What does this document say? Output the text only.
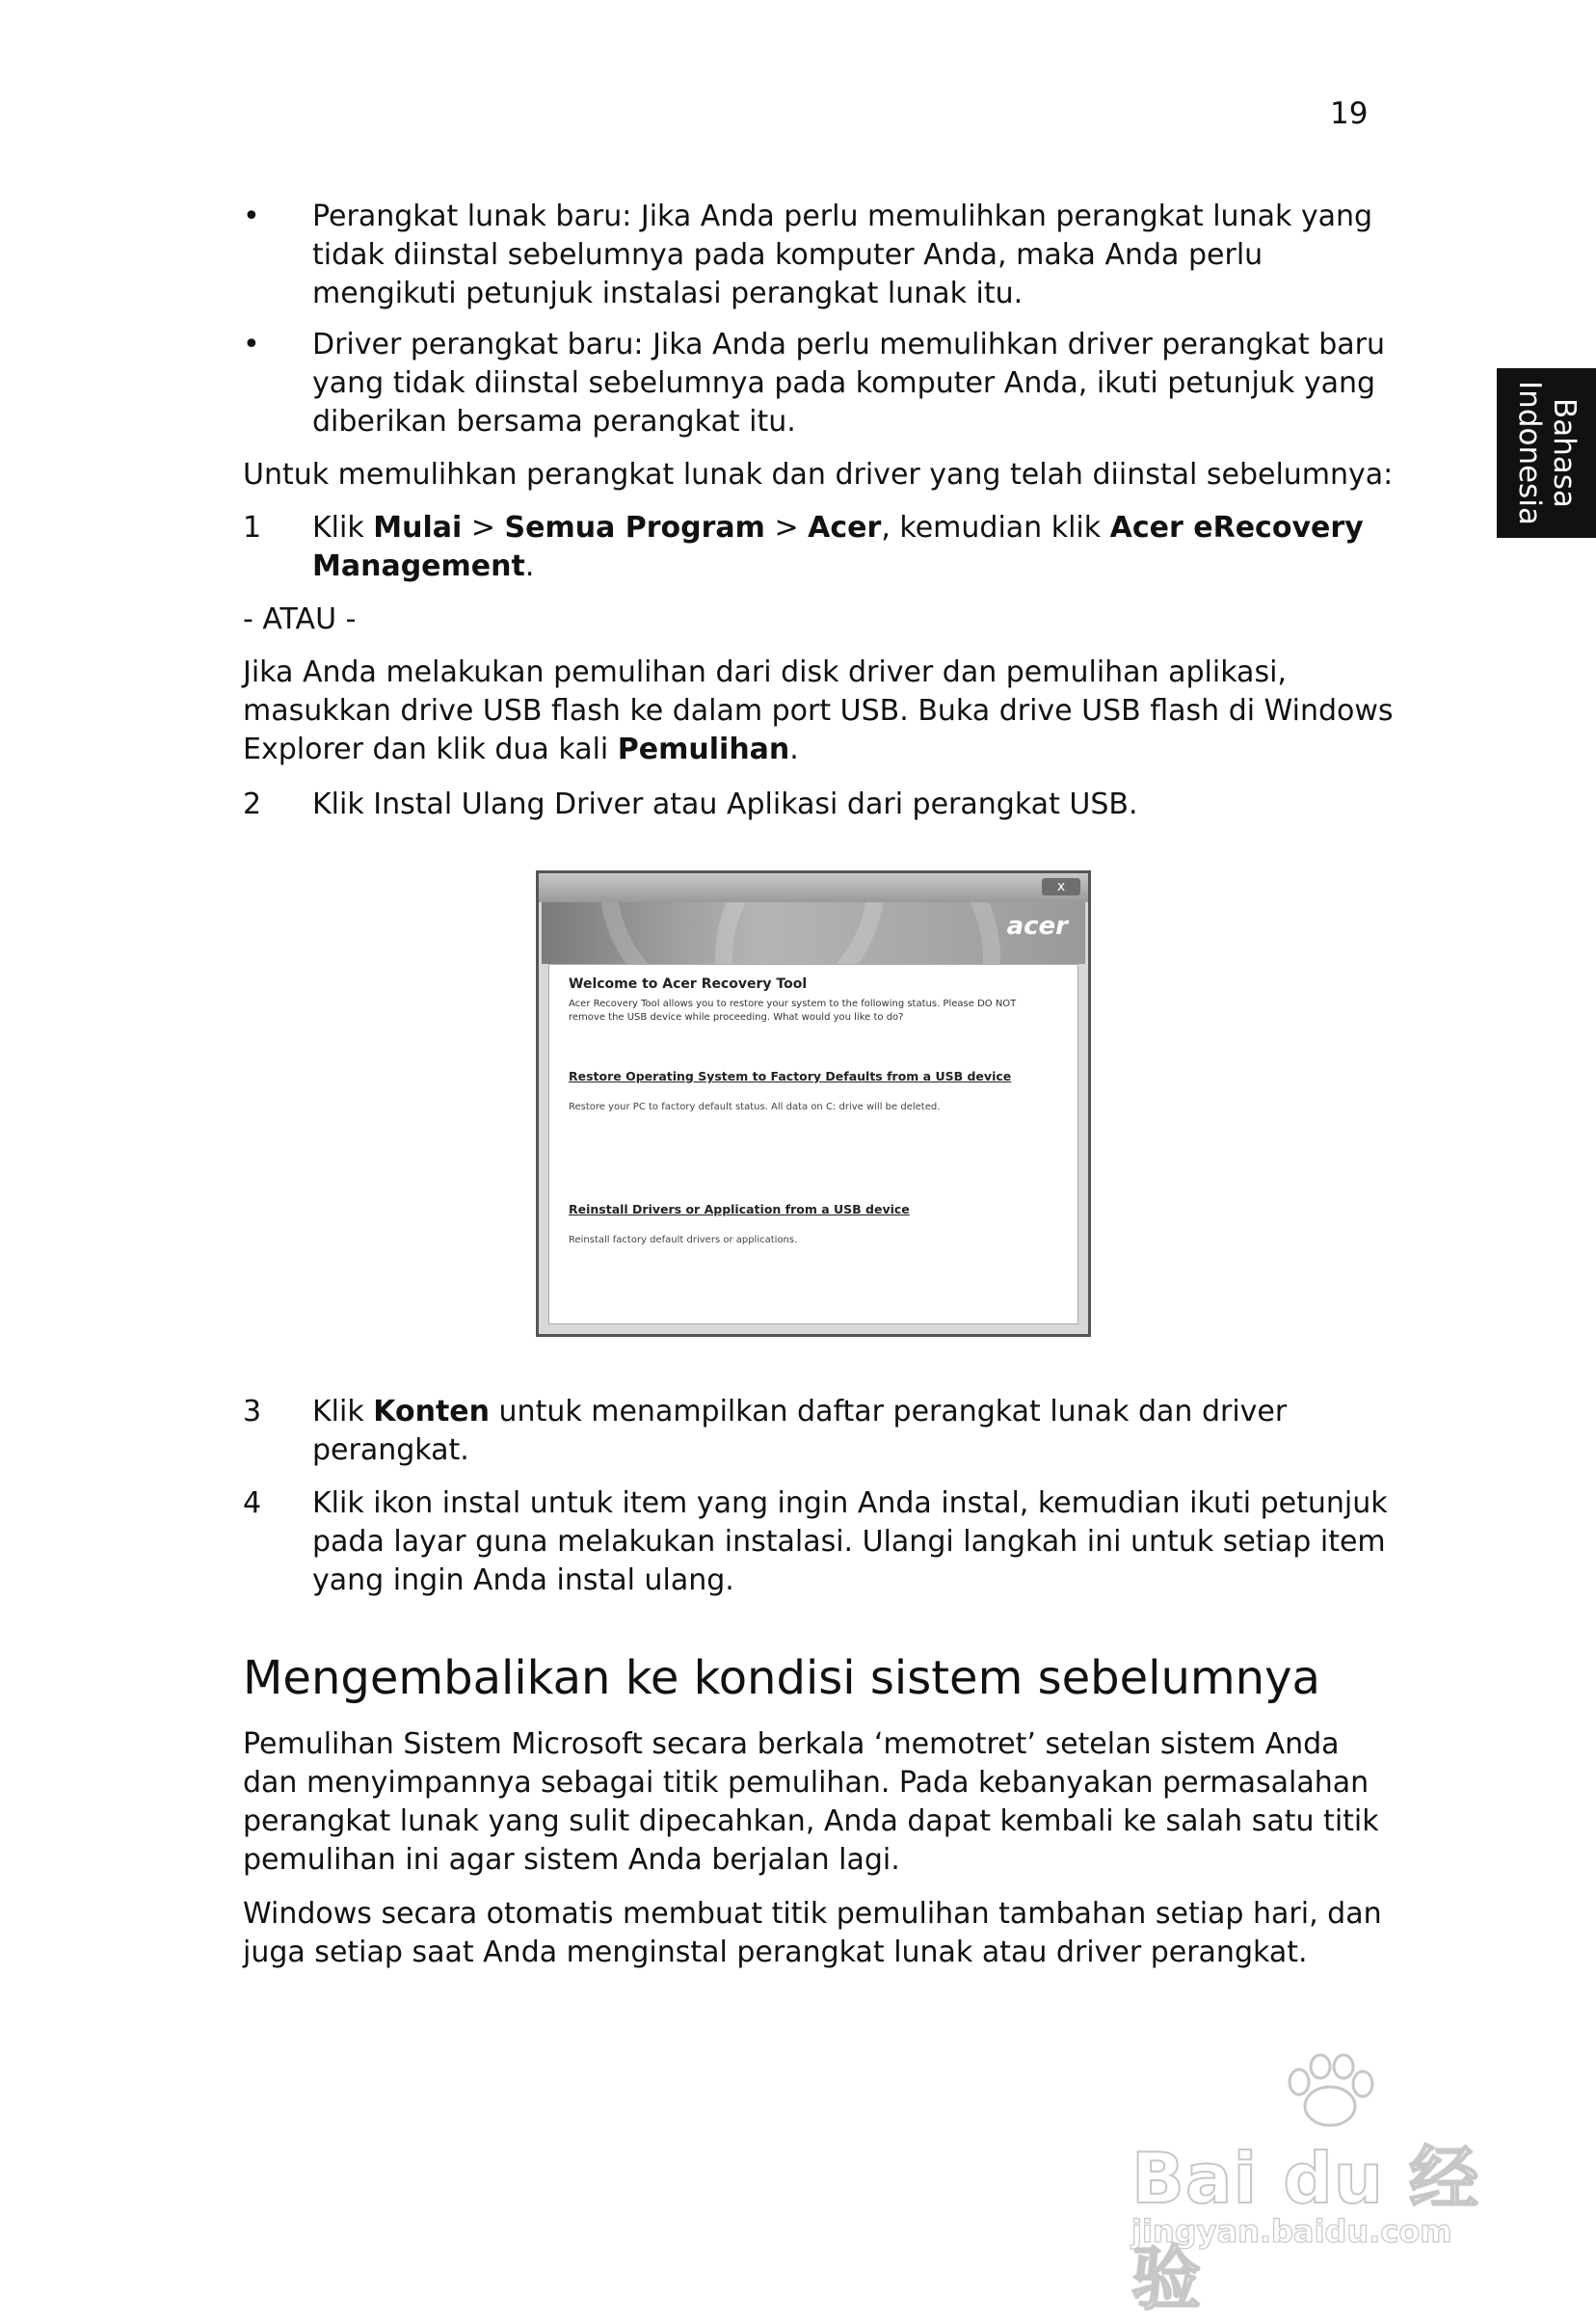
19
Bahasa
Indonesia
•	Perangkat lunak baru: Jika Anda perlu memulihkan perangkat lunak yang tidak diinstal sebelumnya pada komputer Anda, maka Anda perlu mengikuti petunjuk instalasi perangkat lunak itu.
•	Driver perangkat baru: Jika Anda perlu memulihkan driver perangkat baru yang tidak diinstal sebelumnya pada komputer Anda, ikuti petunjuk yang diberikan bersama perangkat itu.

Untuk memulihkan perangkat lunak dan driver yang telah diinstal sebelumnya:

1	Klik Mulai > Semua Program > Acer, kemudian klik Acer eRecovery Management.

- ATAU -

Jika Anda melakukan pemulihan dari disk driver dan pemulihan aplikasi, masukkan drive USB flash ke dalam port USB. Buka drive USB flash di Windows Explorer dan klik dua kali Pemulihan.

2	Klik Instal Ulang Driver atau Aplikasi dari perangkat USB.
x
acer
Welcome to Acer Recovery Tool
Acer Recovery Tool allows you to restore your system to the following status. Please DO NOT remove the USB device while proceeding. What would you like to do?
Restore Operating System to Factory Defaults from a USB device
Restore your PC to factory default status. All data on C: drive will be deleted.
Reinstall Drivers or Application from a USB device
Reinstall factory default drivers or applications.
3	Klik Konten untuk menampilkan daftar perangkat lunak dan driver perangkat.
4	Klik ikon instal untuk item yang ingin Anda instal, kemudian ikuti petunjuk pada layar guna melakukan instalasi. Ulangi langkah ini untuk setiap item yang ingin Anda instal ulang.
Mengembalikan ke kondisi sistem sebelumnya

Pemulihan Sistem Microsoft secara berkala ‘memotret’ setelan sistem Anda dan menyimpannya sebagai titik pemulihan. Pada kebanyakan permasalahan perangkat lunak yang sulit dipecahkan, Anda dapat kembali ke salah satu titik pemulihan ini agar sistem Anda berjalan lagi.

Windows secara otomatis membuat titik pemulihan tambahan setiap hari, dan juga setiap saat Anda menginstal perangkat lunak atau driver perangkat.

Bai du 经验
jingyan.baidu.com
